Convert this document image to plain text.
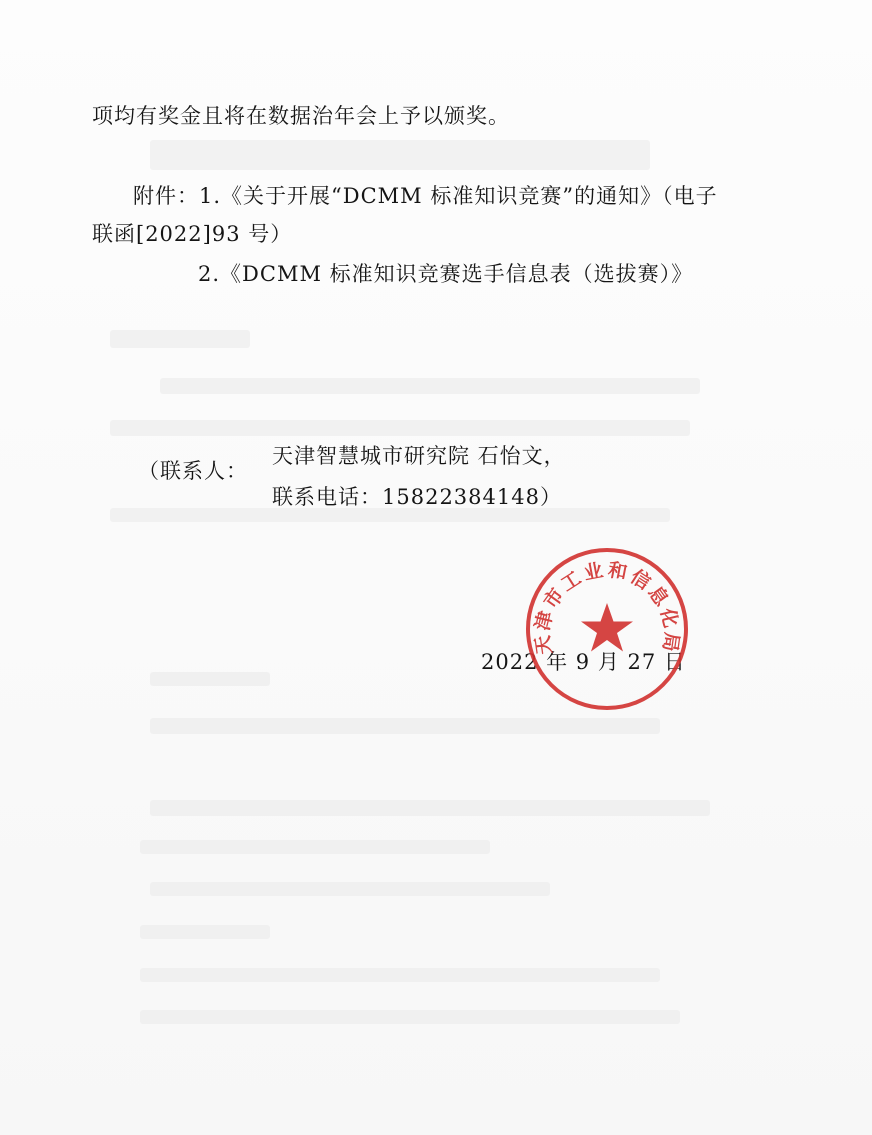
项均有奖金且将在数据治年会上予以颁奖。
附件：1.《关于开展“DCMM 标准知识竞赛”的通知》（电子
联函[2022]93 号）
2.《DCMM 标准知识竞赛选手信息表（选拔赛）》
（联系人：
天津智慧城市研究院 石怡文，
联系电话：15822384148）
2022 年 9 月 27 日
天津市工业和信息化局
